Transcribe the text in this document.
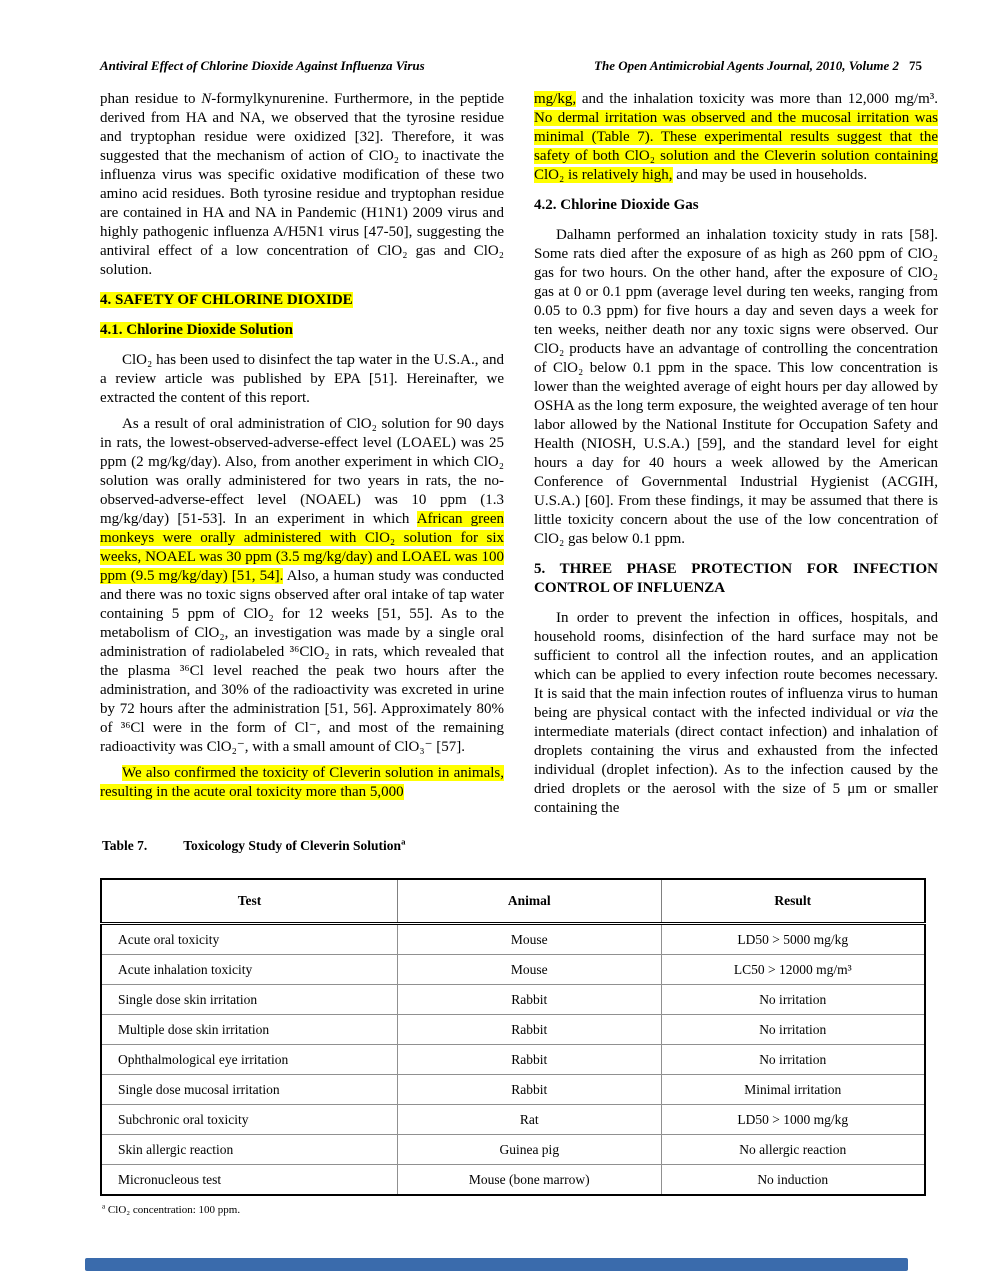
Antiviral Effect of Chlorine Dioxide Against Influenza Virus	The Open Antimicrobial Agents Journal, 2010, Volume 2 75
phan residue to N-formylkynurenine. Furthermore, in the peptide derived from HA and NA, we observed that the tyrosine residue and tryptophan residue were oxidized [32]. Therefore, it was suggested that the mechanism of action of ClO₂ to inactivate the influenza virus was specific oxidative modification of these two amino acid residues. Both tyrosine residue and tryptophan residue are contained in HA and NA in Pandemic (H1N1) 2009 virus and highly pathogenic influenza A/H5N1 virus [47-50], suggesting the antiviral effect of a low concentration of ClO₂ gas and ClO₂ solution.
4. SAFETY OF CHLORINE DIOXIDE
4.1. Chlorine Dioxide Solution
ClO₂ has been used to disinfect the tap water in the U.S.A., and a review article was published by EPA [51]. Hereinafter, we extracted the content of this report.
As a result of oral administration of ClO₂ solution for 90 days in rats, the lowest-observed-adverse-effect level (LOAEL) was 25 ppm (2 mg/kg/day). Also, from another experiment in which ClO₂ solution was orally administered for two years in rats, the no-observed-adverse-effect level (NOAEL) was 10 ppm (1.3 mg/kg/day) [51-53]. In an experiment in which African green monkeys were orally administered with ClO₂ solution for six weeks, NOAEL was 30 ppm (3.5 mg/kg/day) and LOAEL was 100 ppm (9.5 mg/kg/day) [51, 54]. Also, a human study was conducted and there was no toxic signs observed after oral intake of tap water containing 5 ppm of ClO₂ for 12 weeks [51, 55]. As to the metabolism of ClO₂, an investigation was made by a single oral administration of radiolabeled ³⁶ClO₂ in rats, which revealed that the plasma ³⁶Cl level reached the peak two hours after the administration, and 30% of the radioactivity was excreted in urine by 72 hours after the administration [51, 56]. Approximately 80% of ³⁶Cl were in the form of Cl⁻, and most of the remaining radioactivity was ClO₂⁻, with a small amount of ClO₃⁻ [57].
We also confirmed the toxicity of Cleverin solution in animals, resulting in the acute oral toxicity more than 5,000
mg/kg, and the inhalation toxicity was more than 12,000 mg/m³. No dermal irritation was observed and the mucosal irritation was minimal (Table 7). These experimental results suggest that the safety of both ClO₂ solution and the Cleverin solution containing ClO₂ is relatively high, and may be used in households.
4.2. Chlorine Dioxide Gas
Dalhamn performed an inhalation toxicity study in rats [58]. Some rats died after the exposure of as high as 260 ppm of ClO₂ gas for two hours. On the other hand, after the exposure of ClO₂ gas at 0 or 0.1 ppm (average level during ten weeks, ranging from 0.05 to 0.3 ppm) for five hours a day and seven days a week for ten weeks, neither death nor any toxic signs were observed. Our ClO₂ products have an advantage of controlling the concentration of ClO₂ below 0.1 ppm in the space. This low concentration is lower than the weighted average of eight hours per day allowed by OSHA as the long term exposure, the weighted average of ten hour labor allowed by the National Institute for Occupation Safety and Health (NIOSH, U.S.A.) [59], and the standard level for eight hours a day for 40 hours a week allowed by the American Conference of Governmental Industrial Hygienist (ACGIH, U.S.A.) [60]. From these findings, it may be assumed that there is little toxicity concern about the use of the low concentration of ClO₂ gas below 0.1 ppm.
5. THREE PHASE PROTECTION FOR INFECTION CONTROL OF INFLUENZA
In order to prevent the infection in offices, hospitals, and household rooms, disinfection of the hard surface may not be sufficient to control all the infection routes, and an application which can be applied to every infection route becomes necessary. It is said that the main infection routes of influenza virus to human being are physical contact with the infected individual or via the intermediate materials (direct contact infection) and inhalation of droplets containing the virus and exhausted from the infected individual (droplet infection). As to the infection caused by the dried droplets or the aerosol with the size of 5 μm or smaller containing the
Table 7.	Toxicology Study of Cleverin Solution$^a$
Test	Animal	Result
Acute oral toxicity	Mouse	LD50 > 5000 mg/kg
Acute inhalation toxicity	Mouse	LC50 > 12000 mg/m³
Single dose skin irritation	Rabbit	No irritation
Multiple dose skin irritation	Rabbit	No irritation
Ophthalmological eye irritation	Rabbit	No irritation
Single dose mucosal irritation	Rabbit	Minimal irritation
Subchronic oral toxicity	Rat	LD50 > 1000 mg/kg
Skin allergic reaction	Guinea pig	No allergic reaction
Micronucleous test	Mouse (bone marrow)	No induction
$^a$ ClO₂ concentration: 100 ppm.
